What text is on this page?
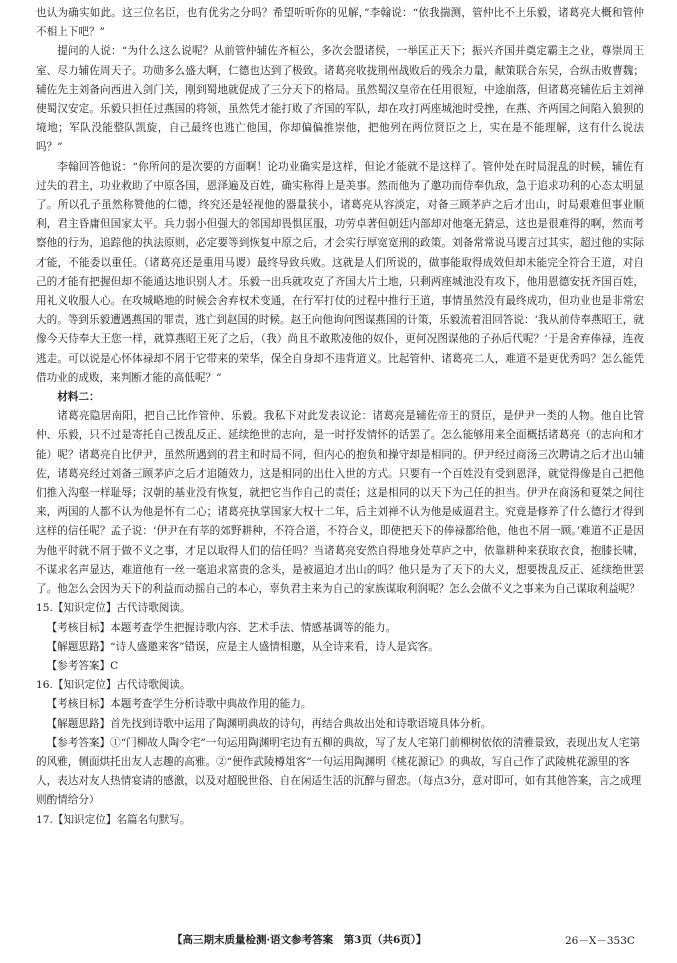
也认为确实如此。这三位名臣，也有优劣之分吗？希望听听你的见解，”李翰说：“依我揣测，管仲比不上乐毅，诸葛亮大概和管仲不相上下吧？”

提问的人说：“为什么这么说呢？从前管仲辅佐齐桓公，多次会盟诸侯，一举匡正天下；振兴齐国并奠定霸主之业，尊崇周王室、尽力辅佐周天子。功勋多么盛大啊，仁德也达到了极致。诸葛亮收拢荆州战败后的残余力量，献策联合东吴，合纵击败曹魏；辅佐先主刘备向西进入剑门关，刚到蜀地就促成了三分天下的格局。虽然蜀汉皇帝在任用很短，中途崩落，但诸葛亮辅佐后主刘禅使蜀汉安定。乐毅只担任过燕国的将领，虽然凭才能打败了齐国的军队，却在攻打两座城池时受挫，在燕、齐两国之间陷入狼狈的境地；军队没能整队凯旋，自己最终也逃亡他国，你却偏偏推崇他，把他列在两位贤臣之上，实在是不能理解，这有什么说法吗？”

李翰回答他说：“你所问的是次要的方面啊！论功业确实是这样，但论才能就不是这样了。管仲处在时局混乱的时候，辅佐有过失的君主，功业救助了中原各国，恩泽遍及百姓，确实称得上是美事。然而他为了邀功而侍奉仇敌，急于追求功利的心态太明显了。所以孔子虽然称赞他的仁德，终究还是轻视他的器量狭小，诸葛亮从容淡定，对备三顾茅庐之后才出山，时局艰难但事业顺利，君主昏庸但国家太平。兵力弱小但强大的邻国却畏惧匡服，功劳卓著但朝廷内部却对他毫无猜忌，这也是很难得的啊，然而考察他的行为，追踪他的执法原则，必定要等到恢复中原之后，才会实行厚宽宽刑的政策。刘备常常说马谡言过其实，超过他的实际才能，不能委以重任。（诸葛亮还是重用马谡）最终导致兵败。这就是人们所说的，做事能取得成效但却未能完全符合王道，对自己的才能有把握但却不能通达地识别人才。乐毅一出兵就攻克了齐国大片土地，只剩两座城池没有攻下，他用恩德安抚齐国百姓，用礼义收服人心。在攻城略地的时候会舍弃权术变通，在行军打仗的过程中推行王道，事情虽然没有最终成功，但功业也是非常宏大的。等到乐毅遭遇燕国的罪责，逃亡到赵国的时候。赵王向他询问图谋燕国的计策，乐毅流着泪回答说：‘我从前侍奉燕昭王，就像今天侍奉大王您一样，就算燕昭王死了之后，（我）尚且不敢欺凌他的奴仆，更何况图谋他的子孙后代呢？’于是舍弃俸禄，连夜逃走。可以说是心怀体禄却不屑于它带来的荣华，保全自身却不违背道义。比起管仲、诸葛亮二人，难道不是更优秀吗？怎么能凭借功业的成败，来判断才能的高低呢？”

材料二：

诸葛亮隐居南阳，把自己比作管仲、乐毅。我私下对此发表议论：诸葛亮是辅佐帝王的贤臣，是伊尹一类的人物。他自比管仲、乐毅，只不过是寄托自己拨乱反正、延续绝世的志向，是一时抒发情怀的话罢了。怎么能够用来全面概括诸葛亮（的志向和才能）呢？诸葛亮自比伊尹，虽然所遇到的君主和时局不同，但内心的抱负和操守却是相同的。伊尹经过商汤三次聘请之后才出山辅佐，诸葛亮经过刘备三顾茅庐之后才追随效力，这是相同的出仕入世的方式。只要有一个百姓没有受到恩泽，就觉得像是自己把他们推入沟壑一样耻辱；汉朝的基业没有恢复，就把它当作自己的责任；这是相同的以天下为己任的担当。伊尹在商汤和夏桀之间往来，两国的人都不认为他是怀有二心；诸葛亮执掌国家大权十二年，后主刘禅不认为他是威逼君主。究竟是修养了什么德行才得到这样的信任呢？孟子说：‘伊尹在有莘的郊野耕种，不符合道，不符合义，即使把天下的俸禄都给他，他也不屑一顾。’难道不正是因为他平时就不屑于做不义之事，才足以取得人们的信任吗？当诸葛亮安然自得地身处草庐之中，依靠耕种来获取衣食，抱膝长啸，不谋求名声显达，难道他有一丝一毫追求富贵的念头，是被逼迫才出山的吗？他只是为了天下的大义，想要拨乱反正、延续绝世罢了。他怎么会因为天下的利益而动摇自己的本心，辜负君主来为自己的家族谋取利润呢？怎么会做不义之事来为自己谋取利益呢？

15.【知识定位】古代诗歌阅读。

【考核目标】本题考查学生把握诗歌内容、艺术手法、情感基调等的能力。

【解题思路】“诗人盛邀来客”错误，应是主人盛情相邀，从全诗来看，诗人是宾客。

【参考答案】C

16.【知识定位】古代诗歌阅读。

【考核目标】本题考查学生分析诗歌中典故作用的能力。

【解题思路】首先找到诗歌中运用了陶渊明典故的诗句，再结合典故出处和诗歌语境具体分析。

【参考答案】①“门柳故人陶令宅”一句运用陶渊明宅边有五柳的典故，写了友人宅第门前柳树依依的清雅景致，表现出友人宅第的风雅，侧面烘托出友人志趣的高雅。②“便作武陵樽俎客”一句运用陶渊明《桃花源记》的典故，写自己作了武陵桃花源里的客人，表达对友人热情宴请的感激，以及对超脱世俗、自在闲适生活的沉醉与留恋。（每点3分，意对即可，如有其他答案，言之成理则酌情给分）

17.【知识定位】名篇名句默写。

【高三期末质量检测·语文参考答案　第3页（共6页）】	26－X－353C
